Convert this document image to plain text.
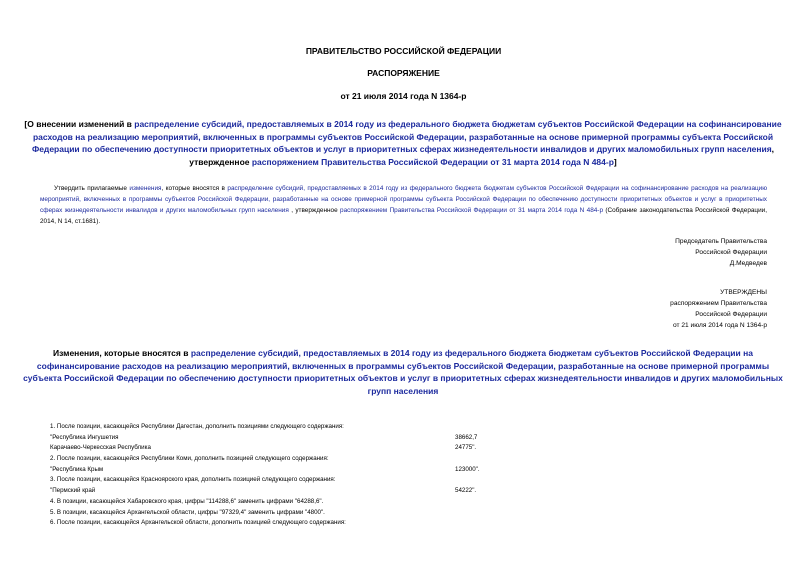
ПРАВИТЕЛЬСТВО РОССИЙСКОЙ ФЕДЕРАЦИИ
РАСПОРЯЖЕНИЕ
от 21 июля 2014 года N 1364-р
[О внесении изменений в распределение субсидий, предоставляемых в 2014 году из федерального бюджета бюджетам субъектов Российской Федерации на софинансирование расходов на реализацию мероприятий, включенных в программы субъектов Российской Федерации, разработанные на основе примерной программы субъекта Российской Федерации по обеспечению доступности приоритетных объектов и услуг в приоритетных сферах жизнедеятельности инвалидов и других маломобильных групп населения, утвержденное распоряжением Правительства Российской Федерации от 31 марта 2014 года N 484-р]
Утвердить прилагаемые изменения, которые вносятся в распределение субсидий, предоставляемых в 2014 году из федерального бюджета бюджетам субъектов Российской Федерации на софинансирование расходов на реализацию мероприятий, включенных в программы субъектов Российской Федерации, разработанные на основе примерной программы субъекта Российской Федерации по обеспечению доступности приоритетных объектов и услуг в приоритетных сферах жизнедеятельности инвалидов и других маломобильных групп населения , утвержденное распоряжением Правительства Российской Федерации от 31 марта 2014 года N 484-р (Собрание законодательства Российской Федерации, 2014, N 14, ст.1681).
Председатель Правительства
Российской Федерации
Д.Медведев
УТВЕРЖДЕНЫ
распоряжением Правительства
Российской Федерации
от 21 июля 2014 года N 1364-р
Изменения, которые вносятся в распределение субсидий, предоставляемых в 2014 году из федерального бюджета бюджетам субъектов Российской Федерации на софинансирование расходов на реализацию мероприятий, включенных в программы субъектов Российской Федерации, разработанные на основе примерной программы субъекта Российской Федерации по обеспечению доступности приоритетных объектов и услуг в приоритетных сферах жизнедеятельности инвалидов и других маломобильных групп населения
1. После позиции, касающейся Республики Дагестан, дополнить позициями следующего содержания:
"Республика Ингушетия	38662,7
Карачаево-Черкесская Республика	24775".
2. После позиции, касающейся Республики Коми, дополнить позицией следующего содержания:
"Республика Крым	123000".
3. После позиции, касающейся Красноярского края, дополнить позицией следующего содержания:
"Пермский край	54222".
4. В позиции, касающейся Хабаровского края, цифры "114288,6" заменить цифрами "64288,6".
5. В позиции, касающейся Архангельской области, цифры "97329,4" заменить цифрами "4800".
6. После позиции, касающейся Архангельской области, дополнить позицией следующего содержания:
